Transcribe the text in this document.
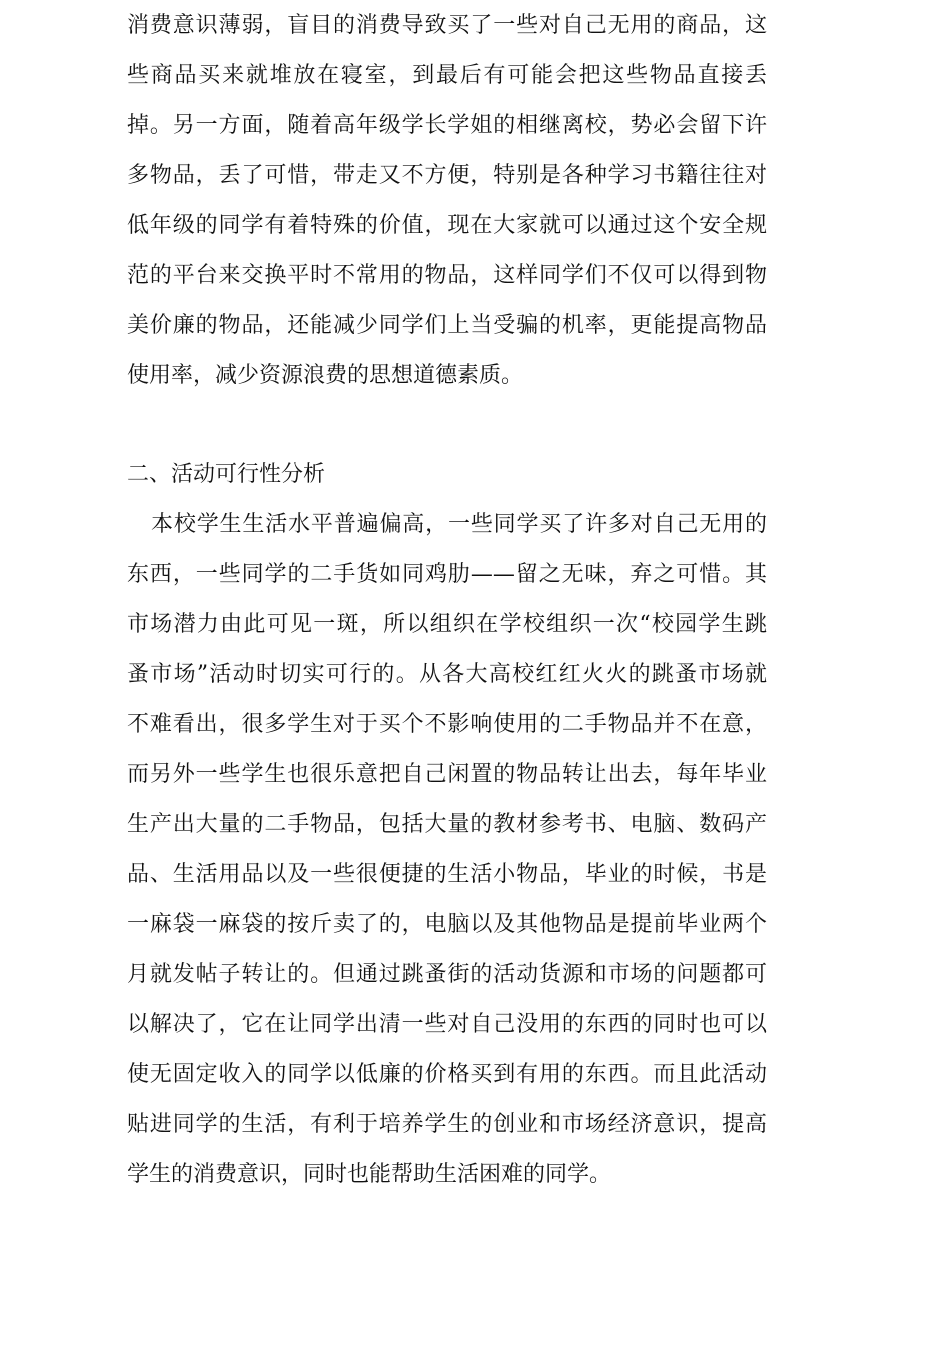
消费意识薄弱，盲目的消费导致买了一些对自己无用的商品，这
些商品买来就堆放在寝室，到最后有可能会把这些物品直接丢
掉。另一方面，随着高年级学长学姐的相继离校，势必会留下许
多物品，丢了可惜，带走又不方便，特别是各种学习书籍往往对
低年级的同学有着特殊的价值，现在大家就可以通过这个安全规
范的平台来交换平时不常用的物品，这样同学们不仅可以得到物
美价廉的物品，还能减少同学们上当受骗的机率，更能提高物品
使用率，减少资源浪费的思想道德素质。
二、活动可行性分析
本校学生生活水平普遍偏高，一些同学买了许多对自己无用的
东西，一些同学的二手货如同鸡肋——留之无味，弃之可惜。其
市场潜力由此可见一斑，所以组织在学校组织一次“校园学生跳
蚤市场”活动时切实可行的。从各大高校红红火火的跳蚤市场就
不难看出，很多学生对于买个不影响使用的二手物品并不在意，
而另外一些学生也很乐意把自己闲置的物品转让出去，每年毕业
生产出大量的二手物品，包括大量的教材参考书、电脑、数码产
品、生活用品以及一些很便捷的生活小物品，毕业的时候，书是
一麻袋一麻袋的按斤卖了的，电脑以及其他物品是提前毕业两个
月就发帖子转让的。但通过跳蚤街的活动货源和市场的问题都可
以解决了，它在让同学出清一些对自己没用的东西的同时也可以
使无固定收入的同学以低廉的价格买到有用的东西。而且此活动
贴进同学的生活，有利于培养学生的创业和市场经济意识，提高
学生的消费意识，同时也能帮助生活困难的同学。
